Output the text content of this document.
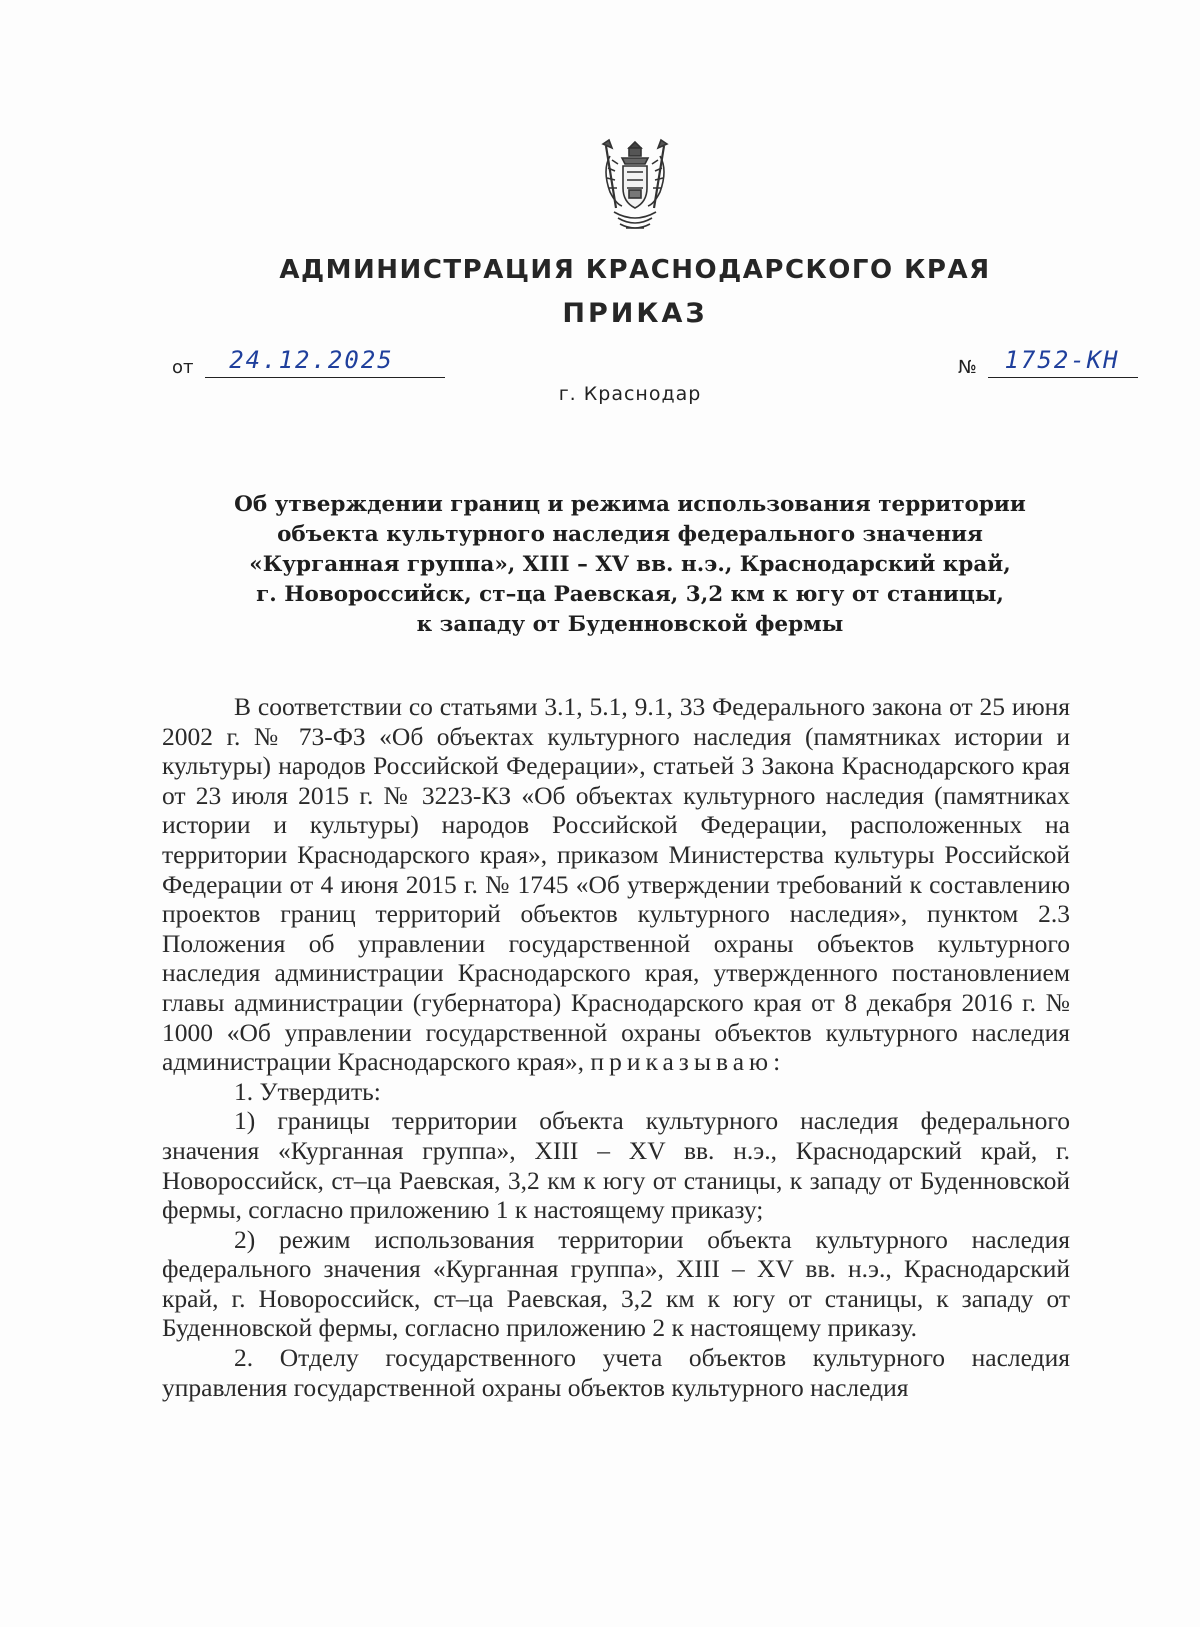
АДМИНИСТРАЦИЯ КРАСНОДАРСКОГО КРАЯ
ПРИКАЗ
от 24.12.2025	№ 1752-КН
г. Краснодар
Об утверждении границ и режима использования территории
объекта культурного наследия федерального значения
«Курганная группа», XIII – XV вв. н.э., Краснодарский край,
г. Новороссийск, ст–ца Раевская, 3,2 км к югу от станицы,
к западу от Буденновской фермы

В соответствии со статьями 3.1, 5.1, 9.1, 33 Федерального закона от 25 июня 2002 г. № 73-ФЗ «Об объектах культурного наследия (памятниках истории и культуры) народов Российской Федерации», статьей 3 Закона Краснодарского края от 23 июля 2015 г. № 3223-КЗ «Об объектах культурного наследия (памятниках истории и культуры) народов Российской Федерации, расположенных на территории Краснодарского края», приказом Министерства культуры Российской Федерации от 4 июня 2015 г. № 1745 «Об утверждении требований к составлению проектов границ территорий объектов культурного наследия», пунктом 2.3 Положения об управлении государственной охраны объектов культурного наследия администрации Краснодарского края, утвержденного постановлением главы администрации (губернатора) Краснодарского края от 8 декабря 2016 г. № 1000 «Об управлении государственной охраны объектов культурного наследия администрации Краснодарского края», приказываю:

1. Утвердить:

1) границы территории объекта культурного наследия федерального значения «Курганная группа», XIII – XV вв. н.э., Краснодарский край, г. Новороссийск, ст–ца Раевская, 3,2 км к югу от станицы, к западу от Буденновской фермы, согласно приложению 1 к настоящему приказу;

2) режим использования территории объекта культурного наследия федерального значения «Курганная группа», XIII – XV вв. н.э., Краснодарский край, г. Новороссийск, ст–ца Раевская, 3,2 км к югу от станицы, к западу от Буденновской фермы, согласно приложению 2 к настоящему приказу.

2. Отделу государственного учета объектов культурного наследия управления государственной охраны объектов культурного наследия
